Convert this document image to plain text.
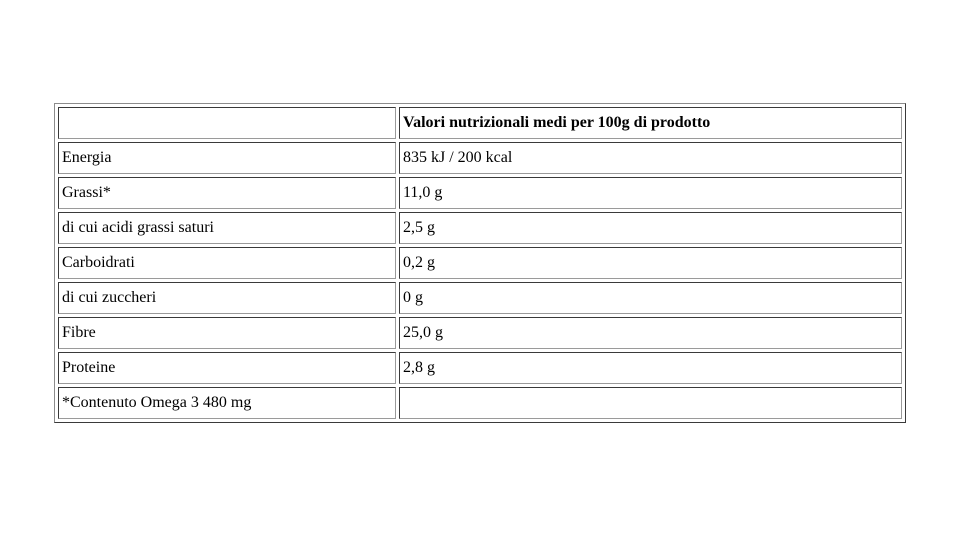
	Valori nutrizionali medi per 100g di prodotto
Energia	835 kJ / 200 kcal
Grassi*	11,0 g
di cui acidi grassi saturi	2,5 g
Carboidrati	0,2 g
di cui zuccheri	0 g
Fibre	25,0 g
Proteine	2,8 g
*Contenuto Omega 3 480 mg	
